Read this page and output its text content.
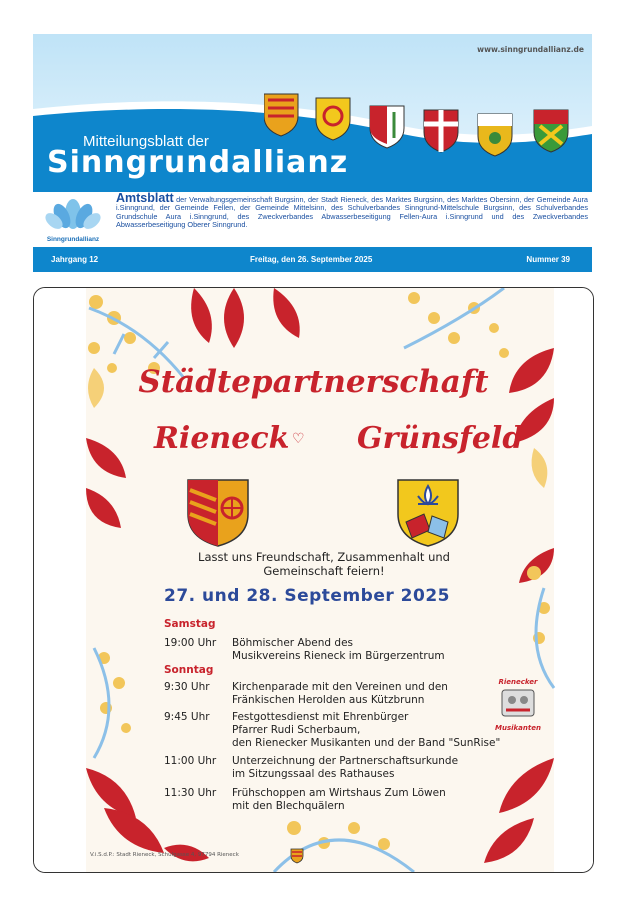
www.sinngrundallianz.de
Mitteilungsblatt der
Sinngrundallianz
Sinngrundallianz
Amtsblatt der Verwaltungsgemeinschaft Burgsinn, der Stadt Rieneck, des Marktes Burgsinn, des Marktes Obersinn, der Gemeinde Aura i.Sinngrund, der Gemeinde Fellen, der Gemeinde Mittelsinn, des Schulverbandes Sinngrund-Mittelschule Burgsinn, des Schulverbandes Grundschule Aura i.Sinngrund, des Zweckverbandes Abwasserbeseitigung Fellen-Aura i.Sinngrund und des Zweckverbandes Abwasserbeseitigung Oberer Sinngrund.
Jahrgang 12	Freitag, den 26. September 2025	Nummer 39
Städtepartnerschaft
Rieneck ♡ Grünsfeld
Lasst uns Freundschaft, Zusammenhalt und
Gemeinschaft feiern!
27. und 28. September 2025
Samstag
19:00 Uhr Böhmischer Abend des
Musikvereins Rieneck im Bürgerzentrum
Sonntag
9:30 Uhr Kirchenparade mit den Vereinen und den
Fränkischen Herolden aus Kützbrunn
9:45 Uhr Festgottesdienst mit Ehrenbürger
Pfarrer Rudi Scherbaum,
den Rienecker Musikanten und der Band "SunRise"
11:00 Uhr Unterzeichnung der Partnerschaftsurkunde
im Sitzungssaal des Rathauses
11:30 Uhr Frühschoppen am Wirtshaus Zum Löwen
mit den Blechquälern
Rienecker
Musikanten
V.i.S.d.P.: Stadt Rieneck, Schulgasse 4, 97794 Rieneck
